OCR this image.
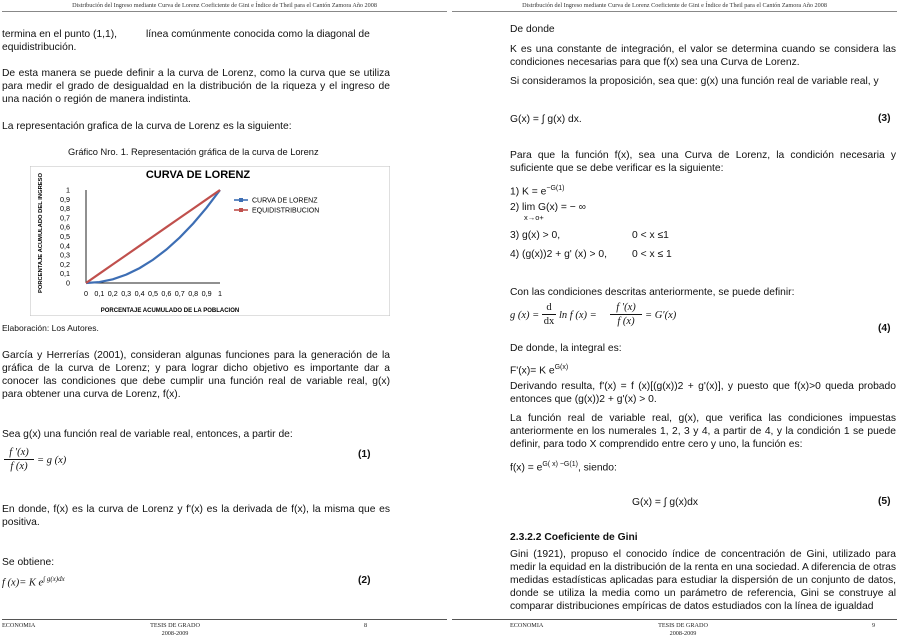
Distribución del Ingreso mediante Curva de Lorenz Coeficiente de Gini e Índice de Theil para el Cantón Zamora Año 2008
termina en el punto (1,1),	línea comúnmente conocida como la diagonal de
equidistribución.
De esta manera se puede definir a la curva de Lorenz, como la curva que se utiliza para medir el grado de desigualdad en la distribución de la riqueza y el ingreso de una nación o región de manera indistinta.
La representación grafica de la curva de Lorenz es la siguiente:
Gráfico Nro. 1. Representación gráfica de la curva de Lorenz
CURVA DE LORENZ
PORCENTAJE ACUMULADO DEL INGRESO
PORCENTAJE ACUMULADO DE LA POBLACION
0 0,1 0,2 0,3 0,4 0,5 0,6 0,7 0,8 0,9 1
0
0,1
0,2
0,3
0,4
0,5
0,6
0,7
0,8
0,9
1
CURVA DE LORENZ
EQUIDISTRIBUCION
Elaboración: Los Autores.
García y Herrerías (2001), consideran algunas funciones para la generación de la gráfica de la curva de Lorenz; y para lograr dicho objetivo es importante dar a conocer las condiciones que debe cumplir una función real de variable real, g(x) para obtener una curva de Lorenz, f(x).
Sea g(x) una función real de variable real, entonces, a partir de:
f ′(x)
f (x)
= g (x)
(1)
En donde, f(x) es la curva de Lorenz y f'(x) es la derivada de f(x), la misma que es positiva.
Se obtiene:
f (x)= K $e^{\int g(x)dx}$	(2)
ECONOMIA	TESIS DE GRADO
2008-2009
8
Distribución del Ingreso mediante Curva de Lorenz Coeficiente de Gini e Índice de Theil para el Cantón Zamora Año 2008
De donde
K es una constante de integración, el valor se determina cuando se considera las condiciones necesarias para que f(x) sea una Curva de Lorenz.
Si consideramos la proposición, sea que: g(x) una función real de variable real, y
G(x) = ∫ g(x) dx.	(3)
Para que la función f(x), sea una Curva de Lorenz, la condición necesaria y suficiente que se debe verificar es la siguiente:
1) $K = e^{-G(1)}$
2) lim G(x) = − ∞
x→o+
3) g(x) > 0,	0 < x ≤1
4) (g(x))2 + g' (x) > 0, 0 < x ≤ 1
Con las condiciones descritas anteriormente, se puede definir:
g (x) =
d
dx
ln f (x) =
f ′(x)
f (x)
= G′(x)
(4)
De donde, la integral es:
F'(x)= K $e^{G(x)}$
Derivando resulta, f'(x) = f (x)[(g(x))2 + g'(x)], y puesto que f(x)>0 queda probado entonces que (g(x))2 + g'(x) > 0.
La función real de variable real, g(x), que verifica las condiciones impuestas anteriormente en los numerales 1, 2, 3 y 4, a partir de 4, y la condición 1 se puede definir, para todo X comprendido entre cero y uno, la función es:
$f(x) = e^{G( x) -G(1)}$, siendo:
G(x) = ∫ g(x)dx	(5)
2.3.2.2 Coeficiente de Gini
Gini (1921), propuso el conocido índice de concentración de Gini, utilizado para medir la equidad en la distribución de la renta en una sociedad. A diferencia de otras medidas estadísticas aplicadas para estudiar la dispersión de un conjunto de datos, donde se utiliza la media como un parámetro de referencia, Gini se construye al comparar distribuciones empíricas de datos estudiados con la línea de igualdad
ECONOMIA	TESIS DE GRADO
2008-2009
9
